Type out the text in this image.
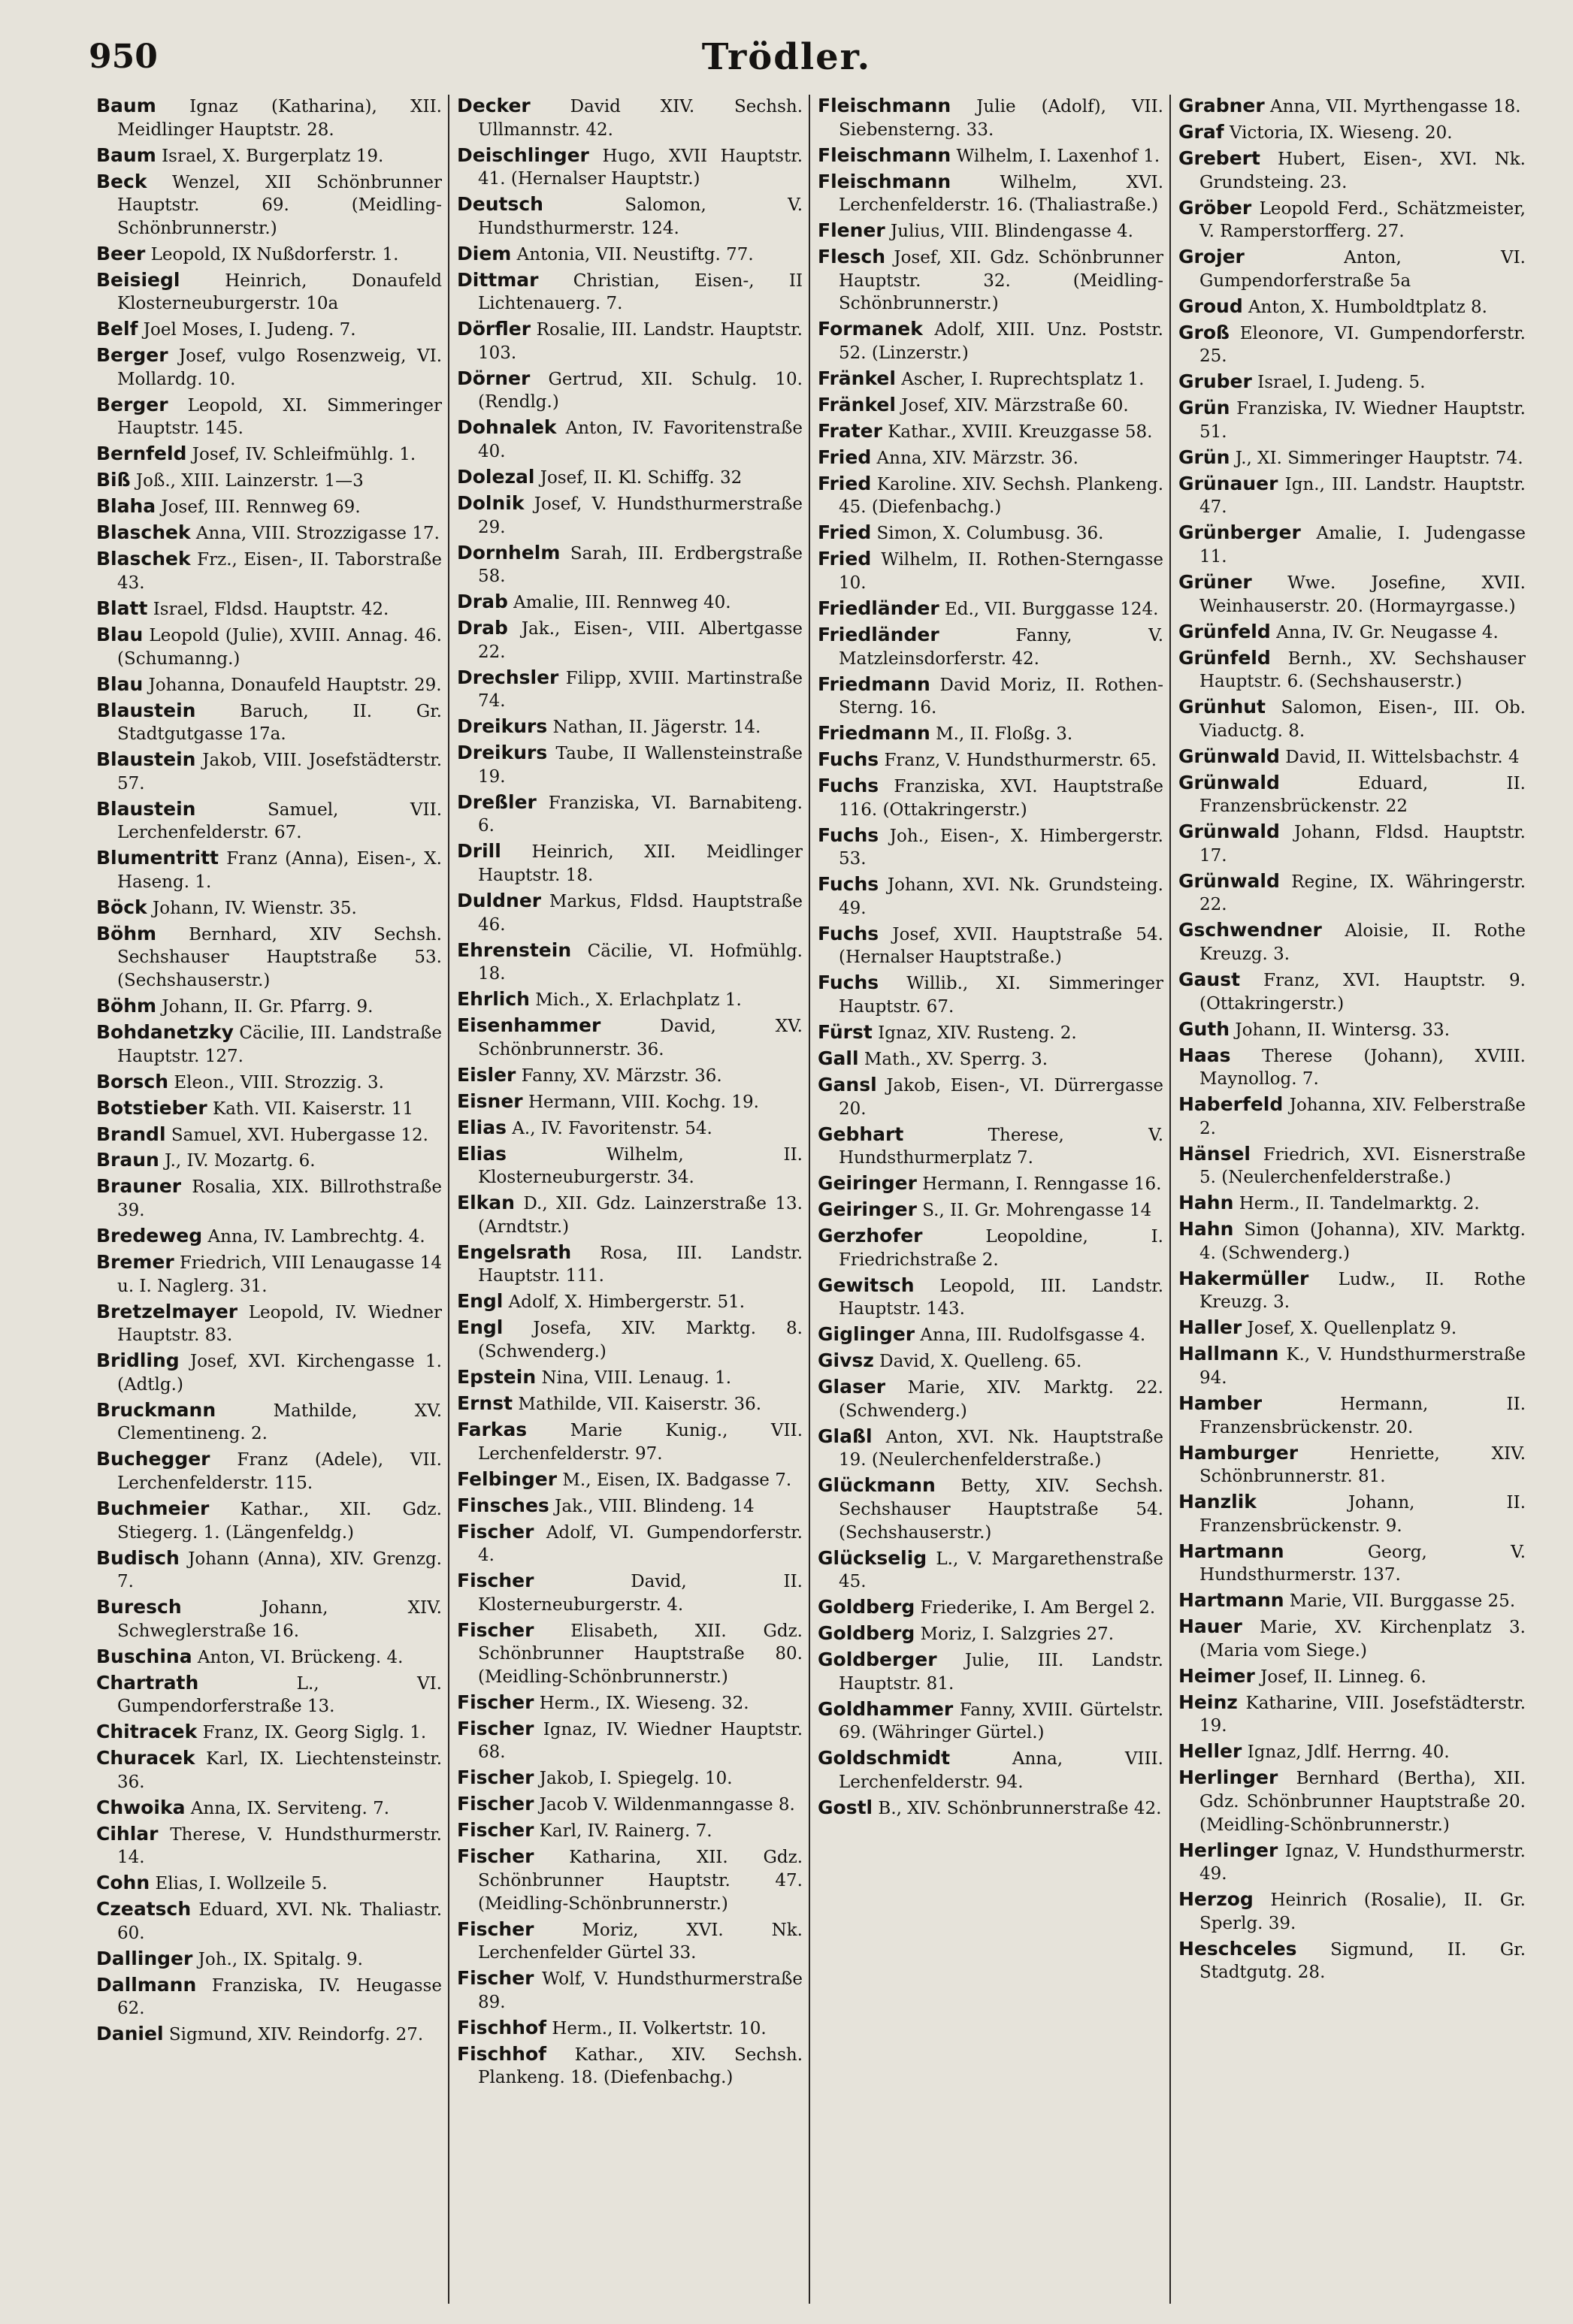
950	Trödler.
Baum Ignaz (Katharina), XII. Meidlinger Hauptstr. 28.
Baum Israel, X. Burgerplatz 19.
Beck Wenzel, XII Schönbrunner Hauptstr. 69. (Meidling-Schönbrunnerstr.)
Beer Leopold, IX Nußdorferstr. 1.
Beisiegl	Heinrich, Donaufeld Klosterneuburgerstr. 10a
Belf Joel Moses, I. Judeng. 7.
Berger Josef, vulgo Rosenzweig, VI. Mollardg. 10.
Berger Leopold, XI. Simmeringer Hauptstr. 145.
Bernfeld Josef, IV. Schleifmühlg. 1.
Biß Joß., XIII. Lainzerstr. 1—3
Blaha Josef, III. Rennweg 69.
Blaschek Anna, VIII. Strozzigasse 17.
Blaschek Frz., Eisen-, II. Taborstraße 43.
Blatt Israel, Fldsd. Hauptstr. 42.
Blau Leopold (Julie), XVIII. Annag. 46. (Schumanng.)
Blau Johanna, Donaufeld Hauptstr. 29.
Blaustein	Baruch, II. Gr. Stadtgutgasse 17a.
Blaustein Jakob, VIII. Josefstädterstr. 57.
Blaustein	Samuel, VII. Lerchenfelderstr. 67.
Blumentritt Franz (Anna), Eisen-, X. Haseng. 1.
Böck Johann, IV. Wienstr. 35.
Böhm Bernhard, XIV Sechsh. Sechshauser Hauptstraße 53. (Sechshauserstr.)
Böhm Johann, II. Gr. Pfarrg. 9.
Bohdanetzky Cäcilie, III. Landstraße Hauptstr. 127.
Borsch Eleon., VIII. Strozzig. 3.
Botstieber Kath. VII. Kaiserstr. 11
Brandl Samuel, XVI. Hubergasse 12.
Braun J., IV. Mozartg. 6.
Brauner Rosalia, XIX. Billrothstraße 39.
Bredeweg Anna, IV. Lambrechtg. 4.
Bremer Friedrich, VIII Lenaugasse 14 u. I. Naglerg. 31.
Bretzelmayer Leopold, IV. Wiedner Hauptstr. 83.
Bridling Josef, XVI. Kirchengasse 1. (Adtlg.)
Bruckmann	Mathilde, XV. Clementineng. 2.
Buchegger Franz (Adele), VII. Lerchenfelderstr. 115.
Buchmeier Kathar., XII. Gdz. Stiegerg. 1. (Längenfeldg.)
Budisch Johann (Anna), XIV. Grenzg. 7.
Buresch	Johann, XIV. Schweglerstraße 16.
Buschina Anton, VI. Brückeng. 4.
Chartrath	L., VI. Gumpendorferstraße 13.
Chitracek Franz, IX. Georg Siglg. 1.
Churacek Karl, IX. Liechtensteinstr. 36.
Chwoika Anna, IX. Serviteng. 7.
Cihlar Therese, V. Hundsthurmerstr. 14.
Cohn Elias, I. Wollzeile 5.
Czeatsch Eduard, XVI. Nk. Thaliastr. 60.
Dallinger Joh., IX. Spitalg. 9.
Dallmann Franziska, IV. Heugasse 62.
Daniel Sigmund, XIV. Reindorfg. 27.
Decker David XIV. Sechsh. Ullmannstr. 42.
Deischlinger Hugo, XVII Hauptstr. 41. (Hernalser Hauptstr.)
Deutsch	Salomon, V. Hundsthurmerstr. 124.
Diem Antonia, VII. Neustiftg. 77.
Dittmar Christian, Eisen-, II Lichtenauerg. 7.
Dörfler Rosalie, III. Landstr. Hauptstr. 103.
Dörner Gertrud, XII. Schulg. 10. (Rendlg.)
Dohnalek Anton, IV. Favoritenstraße 40.
Dolezal Josef, II. Kl. Schiffg. 32
Dolnik Josef, V. Hundsthurmerstraße 29.
Dornhelm Sarah, III. Erdbergstraße 58.
Drab Amalie, III. Rennweg 40.
Drab Jak., Eisen-, VIII. Albertgasse 22.
Drechsler Filipp, XVIII. Martinstraße 74.
Dreikurs Nathan, II. Jägerstr. 14.
Dreikurs Taube, II Wallensteinstraße 19.
Dreßler Franziska, VI. Barnabiteng. 6.
Drill Heinrich, XII. Meidlinger Hauptstr. 18.
Duldner Markus, Fldsd. Hauptstraße 46.
Ehrenstein Cäcilie, VI. Hofmühlg. 18.
Ehrlich Mich., X. Erlachplatz 1.
Eisenhammer	David, XV. Schönbrunnerstr. 36.
Eisler Fanny, XV. Märzstr. 36.
Eisner Hermann, VIII. Kochg. 19.
Elias A., IV. Favoritenstr. 54.
Elias	Wilhelm, II. Klosterneuburgerstr. 34.
Elkan D., XII. Gdz. Lainzerstraße 13. (Arndtstr.)
Engelsrath Rosa, III. Landstr. Hauptstr. 111.
Engl Adolf, X. Himbergerstr. 51.
Engl Josefa, XIV. Marktg. 8. (Schwenderg.)
Epstein Nina, VIII. Lenaug. 1.
Ernst Mathilde, VII. Kaiserstr. 36.
Farkas	Marie Kunig., VII. Lerchenfelderstr. 97.
Felbinger M., Eisen, IX. Badgasse 7.
Finsches Jak., VIII. Blindeng. 14
Fischer Adolf, VI. Gumpendorferstr. 4.
Fischer	David, II. Klosterneuburgerstr. 4.
Fischer Elisabeth, XII. Gdz. Schönbrunner Hauptstraße 80. (Meidling-Schönbrunnerstr.)
Fischer Herm., IX. Wieseng. 32.
Fischer Ignaz, IV. Wiedner Hauptstr. 68.
Fischer Jakob, I. Spiegelg. 10.
Fischer Jacob V. Wildenmanngasse 8.
Fischer Karl, IV. Rainerg. 7.
Fischer Katharina, XII. Gdz. Schönbrunner Hauptstr. 47. (Meidling-Schönbrunnerstr.)
Fischer	Moriz, XVI. Nk. Lerchenfelder Gürtel 33.
Fischer Wolf, V. Hundsthurmerstraße 89.
Fischhof Herm., II. Volkertstr. 10.
Fischhof Kathar., XIV. Sechsh. Plankeng. 18. (Diefenbachg.)
Fleischmann Julie (Adolf), VII. Siebensterng. 33.
Fleischmann Wilhelm, I. Laxenhof 1.
Fleischmann	Wilhelm, XVI. Lerchenfelderstr. 16. (Thaliastraße.)
Flener Julius, VIII. Blindengasse 4.
Flesch Josef, XII. Gdz. Schönbrunner Hauptstr. 32. (Meidling-Schönbrunnerstr.)
Formanek Adolf, XIII. Unz. Poststr. 52. (Linzerstr.)
Fränkel Ascher, I. Ruprechtsplatz 1.
Fränkel Josef, XIV. Märzstraße 60.
Frater Kathar., XVIII. Kreuzgasse 58.
Fried Anna, XIV. Märzstr. 36.
Fried Karoline. XIV. Sechsh. Plankeng. 45. (Diefenbachg.)
Fried Simon, X. Columbusg. 36.
Fried Wilhelm, II. Rothen-Sterngasse 10.
Friedländer Ed., VII. Burggasse 124.
Friedländer	Fanny, V. Matzleinsdorferstr. 42.
Friedmann David Moriz, II. Rothen-Sterng. 16.
Friedmann M., II. Floßg. 3.
Fuchs Franz, V. Hundsthurmerstr. 65.
Fuchs Franziska, XVI. Hauptstraße 116. (Ottakringerstr.)
Fuchs Joh., Eisen-, X. Himbergerstr. 53.
Fuchs Johann, XVI. Nk. Grundsteing. 49.
Fuchs Josef, XVII. Hauptstraße 54. (Hernalser Hauptstraße.)
Fuchs Willib., XI. Simmeringer Hauptstr. 67.
Fürst Ignaz, XIV. Rusteng. 2.
Gall Math., XV. Sperrg. 3.
Gansl Jakob, Eisen-, VI. Dürrergasse 20.
Gebhart	Therese, V. Hundsthurmerplatz 7.
Geiringer Hermann, I. Renngasse 16.
Geiringer S., II. Gr. Mohrengasse 14
Gerzhofer	Leopoldine, I. Friedrichstraße 2.
Gewitsch Leopold, III. Landstr. Hauptstr. 143.
Giglinger Anna, III. Rudolfsgasse 4.
Givsz David, X. Quelleng. 65.
Glaser Marie, XIV. Marktg. 22. (Schwenderg.)
Glaßl Anton, XVI. Nk. Hauptstraße 19. (Neulerchenfelderstraße.)
Glückmann Betty, XIV. Sechsh. Sechshauser Hauptstraße 54. (Sechshauserstr.)
Glückselig L., V. Margarethenstraße 45.
Goldberg Friederike, I. Am Bergel 2.
Goldberg Moriz, I. Salzgries 27.
Goldberger Julie, III. Landstr. Hauptstr. 81.
Goldhammer Fanny, XVIII. Gürtelstr. 69. (Währinger Gürtel.)
Goldschmidt	Anna, VIII. Lerchenfelderstr. 94.
Gostl B., XIV. Schönbrunnerstraße 42.
Grabner Anna, VII. Myrthengasse 18.
Graf Victoria, IX. Wieseng. 20.
Grebert Hubert, Eisen-, XVI. Nk. Grundsteing. 23.
Gröber Leopold Ferd., Schätzmeister, V. Ramperstorfferg. 27.
Grojer	Anton, VI. Gumpendorferstraße 5a
Groud Anton, X. Humboldtplatz 8.
Groß Eleonore, VI. Gumpendorferstr. 25.
Gruber Israel, I. Judeng. 5.
Grün Franziska, IV. Wiedner Hauptstr. 51.
Grün J., XI. Simmeringer Hauptstr. 74.
Grünauer Ign., III. Landstr. Hauptstr. 47.
Grünberger Amalie, I. Judengasse 11.
Grüner Wwe. Josefine, XVII. Weinhauserstr. 20. (Hormayrgasse.)
Grünfeld Anna, IV. Gr. Neugasse 4.
Grünfeld Bernh., XV. Sechshauser Hauptstr. 6. (Sechshauserstr.)
Grünhut Salomon, Eisen-, III. Ob. Viaductg. 8.
Grünwald David, II. Wittelsbachstr. 4
Grünwald	Eduard, II. Franzensbrückenstr. 22
Grünwald Johann, Fldsd. Hauptstr. 17.
Grünwald Regine, IX. Währingerstr. 22.
Gschwendner Aloisie, II. Rothe Kreuzg. 3.
Gaust Franz, XVI. Hauptstr. 9. (Ottakringerstr.)
Guth Johann, II. Wintersg. 33.
Haas Therese (Johann), XVIII. Maynollog. 7.
Haberfeld Johanna, XIV. Felberstraße 2.
Hänsel Friedrich, XVI. Eisnerstraße 5. (Neulerchenfelderstraße.)
Hahn Herm., II. Tandelmarktg. 2.
Hahn Simon (Johanna), XIV. Marktg. 4. (Schwenderg.)
Hakermüller Ludw., II. Rothe Kreuzg. 3.
Haller Josef, X. Quellenplatz 9.
Hallmann K., V. Hundsthurmerstraße 94.
Hamber	Hermann, II. Franzensbrückenstr. 20.
Hamburger	Henriette, XIV. Schönbrunnerstr. 81.
Hanzlik	Johann, II. Franzensbrückenstr. 9.
Hartmann	Georg, V. Hundsthurmerstr. 137.
Hartmann Marie, VII. Burggasse 25.
Hauer Marie, XV. Kirchenplatz 3. (Maria vom Siege.)
Heimer Josef, II. Linneg. 6.
Heinz Katharine, VIII. Josefstädterstr. 19.
Heller Ignaz, Jdlf. Herrng. 40.
Herlinger Bernhard (Bertha), XII. Gdz. Schönbrunner Hauptstraße 20. (Meidling-Schönbrunnerstr.)
Herlinger Ignaz, V. Hundsthurmerstr. 49.
Herzog Heinrich (Rosalie), II. Gr. Sperlg. 39.
Heschceles Sigmund, II. Gr. Stadtgutg. 28.
